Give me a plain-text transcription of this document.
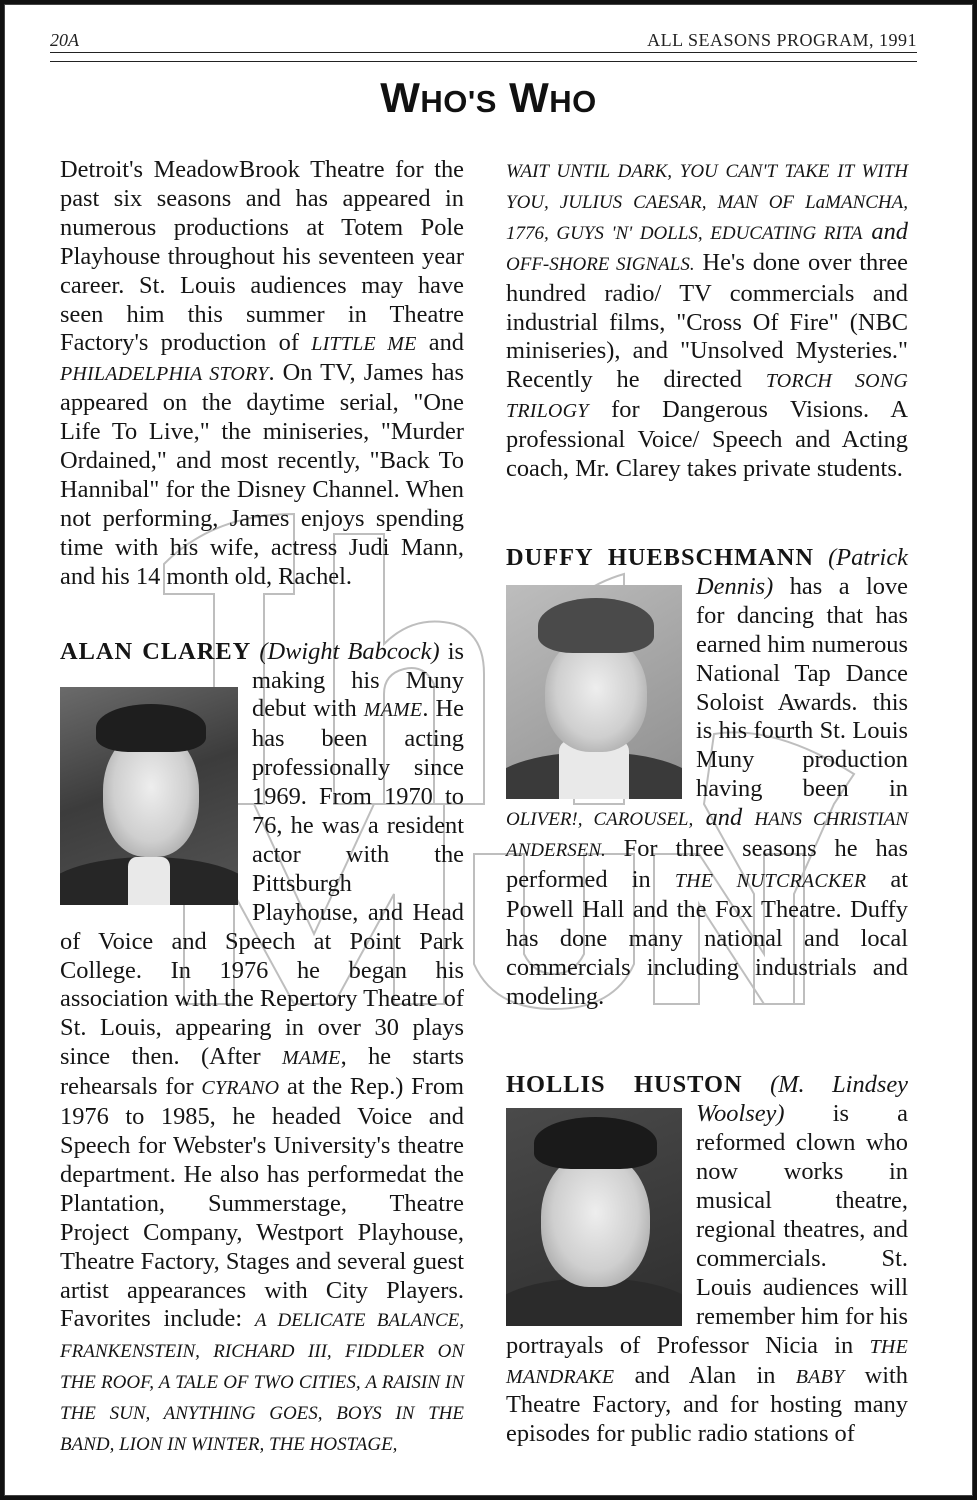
20A	ALL SEASONS PROGRAM, 1991
WHO'S WHO

Detroit's MeadowBrook Theatre for the past six seasons and has appeared in numerous productions at Totem Pole Playhouse throughout his seventeen year career. St. Louis audiences may have seen him this summer in Theatre Factory's production of LITTLE ME and PHILADELPHIA STORY. On TV, James has appeared on the daytime serial, "One Life To Live," the miniseries, "Murder Ordained," and most recently, "Back To Hannibal" for the Disney Channel. When not performing, James enjoys spending time with his wife, actress Judi Mann, and his 14 month old, Rachel.

ALAN CLAREY (Dwight Babcock)
is making his Muny debut with MAME. He has been acting professionally since 1969. From 1970 to 76, he was a resident actor with the Pittsburgh Playhouse, and Head of Voice and Speech at Point Park College. In 1976 he began his association with the Repertory Theatre of St. Louis, appearing in over 30 plays since then. (After MAME, he starts rehearsals for CYRANO at the Rep.) From 1976 to 1985, he headed Voice and Speech for Webster's University's theatre department. He also has performedat the Plantation, Summerstage, Theatre Project Company, Westport Playhouse, Theatre Factory, Stages and several guest artist appearances with City Players. Favorites include: A DELICATE BALANCE, FRANKENSTEIN, RICHARD III, FIDDLER ON THE ROOF, A TALE OF TWO CITIES, A RAISIN IN THE SUN, ANYTHING GOES, BOYS IN THE BAND, LION IN WINTER, THE HOSTAGE,

WAIT UNTIL DARK, YOU CAN'T TAKE IT WITH YOU, JULIUS CAESAR, MAN OF LaMANCHA, 1776, GUYS 'N' DOLLS, EDUCATING RITA and OFF-SHORE SIGNALS. He's done over three hundred radio/ TV commercials and industrial films, "Cross Of Fire" (NBC miniseries), and "Unsolved Mysteries." Recently he directed TORCH SONG TRILOGY for Dangerous Visions. A professional Voice/ Speech and Acting coach, Mr. Clarey takes private students.

DUFFY HUEBSCHMANN (Patrick Dennis)
has a love for dancing that has earned him numerous National Tap Dance Soloist Awards. this is his fourth St. Louis Muny production having been in OLIVER!, CAROUSEL, and HANS CHRISTIAN ANDERSEN. For three seasons he has performed in THE NUTCRACKER at Powell Hall and the Fox Theatre. Duffy has done many national and local commercials including industrials and modeling.

HOLLIS HUSTON (M. Lindsey Woolsey)
is a reformed clown who now works in musical theatre, regional theatres, and commercials. St. Louis audiences will remember him for his portrayals of Professor Nicia in THE MANDRAKE and Alan in BABY with Theatre Factory, and for hosting many episodes for public radio stations of
